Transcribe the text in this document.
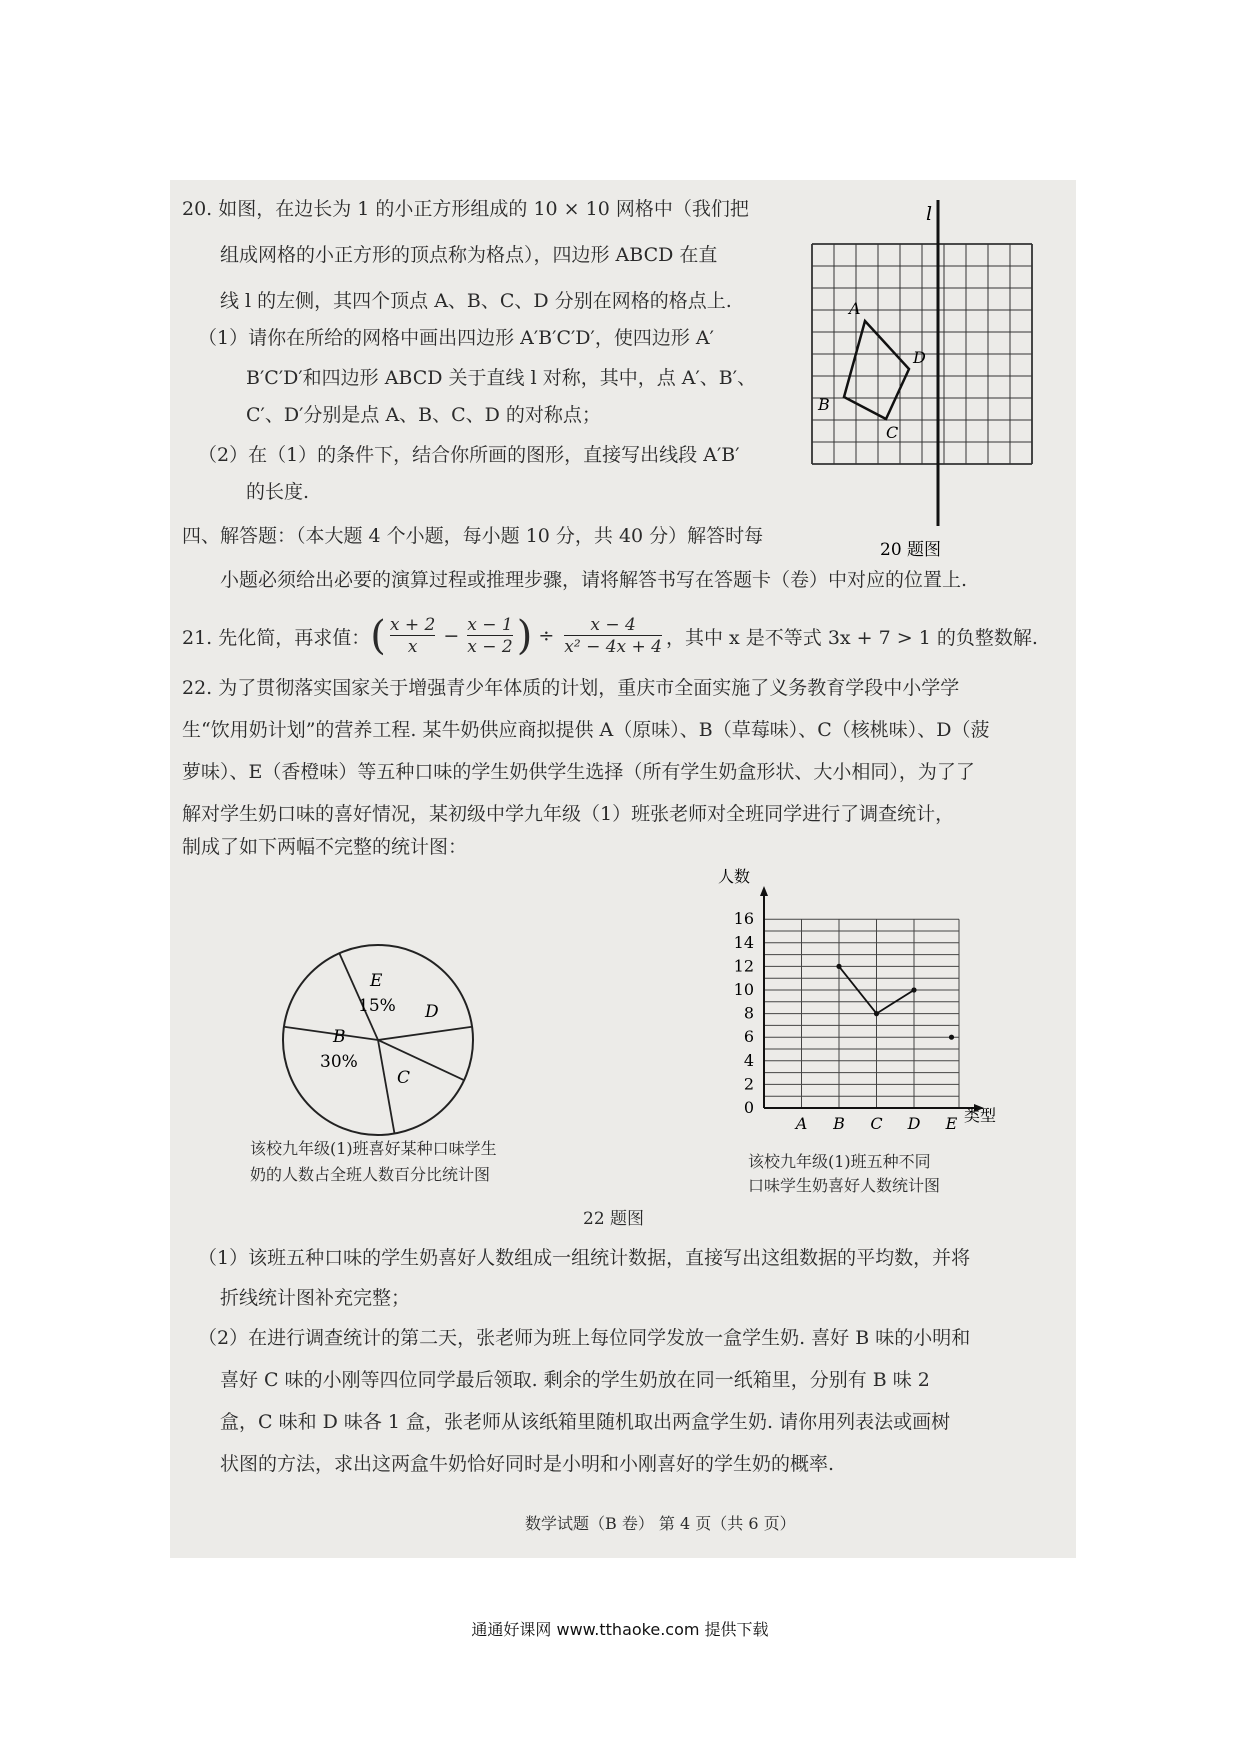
20. 如图，在边长为 1 的小正方形组成的 10 × 10 网格中（我们把
组成网格的小正方形的顶点称为格点），四边形 ABCD 在直
线 l 的左侧，其四个顶点 A、B、C、D 分别在网格的格点上.
（1）请你在所给的网格中画出四边形 A′B′C′D′，使四边形 A′
B′C′D′和四边形 ABCD 关于直线 l 对称，其中，点 A′、B′、
C′、D′分别是点 A、B、C、D 的对称点；
（2）在（1）的条件下，结合你所画的图形，直接写出线段 A′B′
的长度.
l
A
B
C
D
20 题图
四、解答题：（本大题 4 个小题，每小题 10 分，共 40 分）解答时每
小题必须给出必要的演算过程或推理步骤，请将解答书写在答题卡（卷）中对应的位置上.
21. 先化简，再求值： ( $\frac{x + 2}{x} - \frac{x - 1}{x - 2}$ ) ÷ $\frac{x - 4}{\text{x² − 4x + 4}}$ ，其中 x 是不等式 3x + 7 > 1 的负整数解.
22. 为了贯彻落实国家关于增强青少年体质的计划，重庆市全面实施了义务教育学段中小学学
生“饮用奶计划”的营养工程. 某牛奶供应商拟提供 A（原味）、B（草莓味）、C（核桃味）、D（菠
萝味）、E（香橙味）等五种口味的学生奶供学生选择（所有学生奶盒形状、大小相同），为了了
解对学生奶口味的喜好情况，某初级中学九年级（1）班张老师对全班同学进行了调查统计，
制成了如下两幅不完整的统计图：
E
15% D
C
B
30%
该校九年级(1)班喜好某种口味学生
奶的人数占全班人数百分比统计图
0
2
4
6
8
10
12
14
16
A B C D E
人数
类型
该校九年级(1)班五种不同
口味学生奶喜好人数统计图
22 题图
（1）该班五种口味的学生奶喜好人数组成一组统计数据，直接写出这组数据的平均数，并将
折线统计图补充完整；
（2）在进行调查统计的第二天，张老师为班上每位同学发放一盒学生奶. 喜好 B 味的小明和
喜好 C 味的小刚等四位同学最后领取. 剩余的学生奶放在同一纸箱里，分别有 B 味 2
盒，C 味和 D 味各 1 盒，张老师从该纸箱里随机取出两盒学生奶. 请你用列表法或画树
状图的方法，求出这两盒牛奶恰好同时是小明和小刚喜好的学生奶的概率.
数学试题（B 卷） 第 4 页（共 6 页）
通通好课网 www.tthaoke.com 提供下载
